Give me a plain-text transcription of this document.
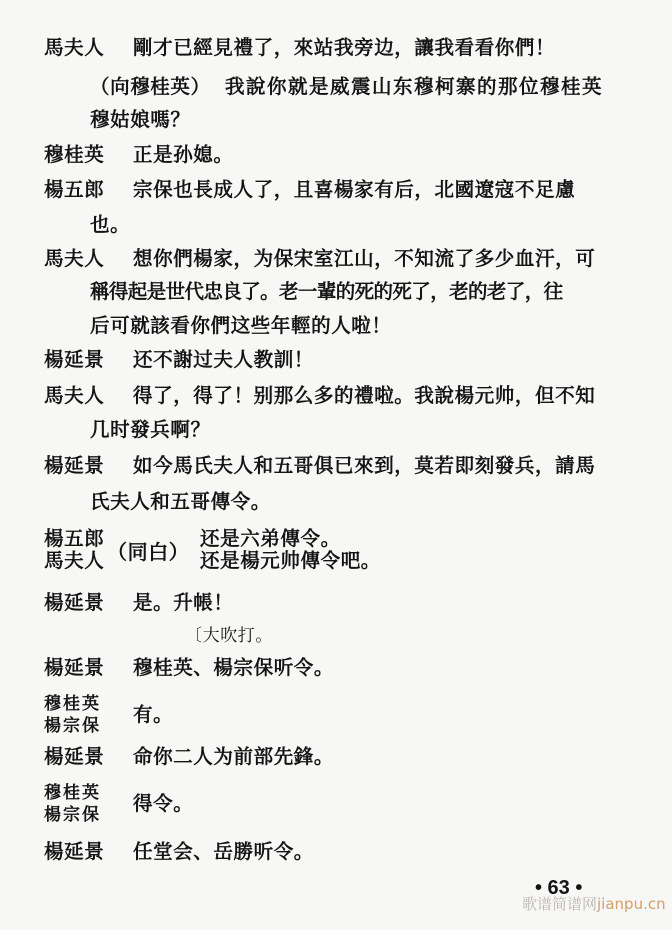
馬夫人 剛才已經見禮了，來站我旁边，讓我看看你們！
（向穆桂英） 我說你就是威震山东穆柯寨的那位穆桂英
穆姑娘嗎？
穆桂英 正是孙媳。
楊五郎 宗保也長成人了，且喜楊家有后，北國遼寇不足慮
也。
馬夫人 想你們楊家，为保宋室江山，不知流了多少血汗，可
稱得起是世代忠良了。老一輩的死的死了，老的老了，往
后可就該看你們这些年輕的人啦！
楊延景 还不謝过夫人教訓！
馬夫人 得了，得了！别那么多的禮啦。我說楊元帅，但不知
几时發兵啊？
楊延景 如今馬氏夫人和五哥俱已來到，莫若即刻發兵，請馬
氏夫人和五哥傳令。
楊五郎
馬夫人 （同白）
还是六弟傳令。
还是楊元帅傳令吧。
楊延景 是。升帳！
〔大吹打。
楊延景 穆桂英、楊宗保听令。
穆桂英
楊宗保 有。
楊延景 命你二人为前部先鋒。
穆桂英
楊宗保 得令。
楊延景 任堂会、岳勝听令。
• 63 •
歌谱简谱网jianpu.cn
